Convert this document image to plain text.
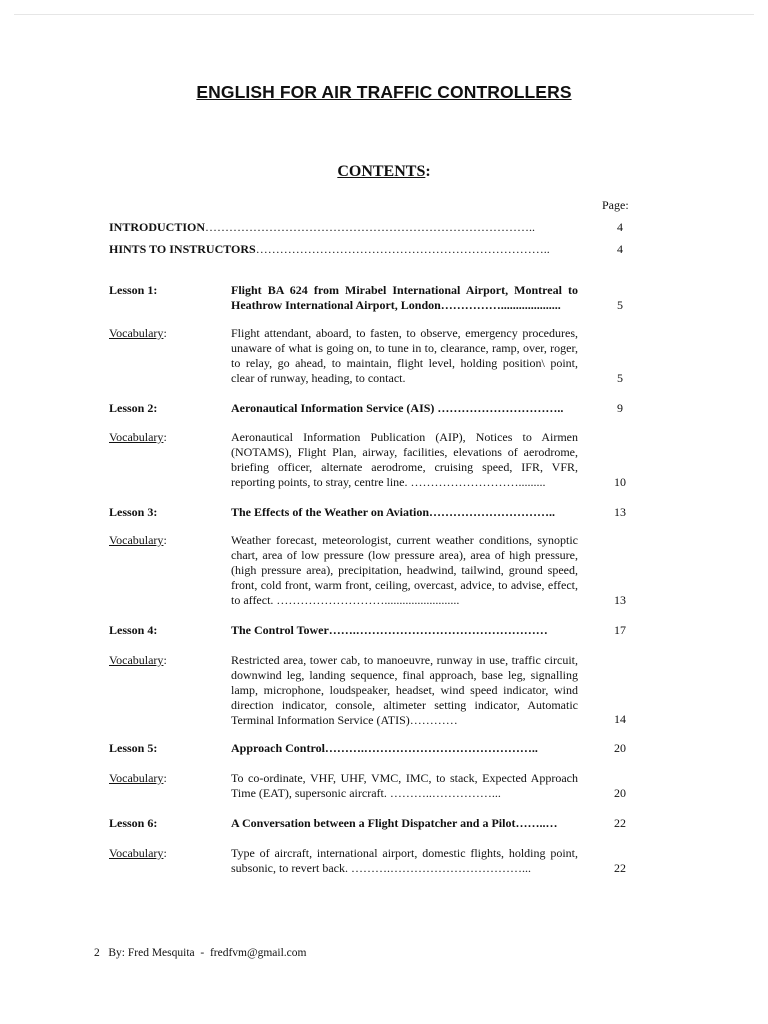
ENGLISH FOR AIR TRAFFIC CONTROLLERS
CONTENTS:
Page:
INTRODUCTION………………………………………………………………………..	4
HINTS TO INSTRUCTORS………………………………………………………………..	4
Lesson 1:	Flight BA 624 from Mirabel International Airport, Montreal to Heathrow International Airport, London……………....................	5
Vocabulary:	Flight attendant, aboard, to fasten, to observe, emergency procedures, unaware of what is going on, to tune in to, clearance, ramp, over, roger, to relay, go ahead, to maintain, flight level, holding position\ point, clear of runway, heading, to contact.	5
Lesson 2:	Aeronautical Information Service (AIS) …………………………..	9
Vocabulary:	Aeronautical Information Publication (AIP), Notices to Airmen (NOTAMS), Flight Plan, airway, facilities, elevations of aerodrome, briefing officer, alternate aerodrome, cruising speed, IFR, VFR, reporting points, to stray, centre line. ……………………….........	10
Lesson 3:	The Effects of the Weather on Aviation…………………………..	13
Vocabulary:	Weather forecast, meteorologist, current weather conditions, synoptic chart, area of low pressure (low pressure area), area of high pressure, (high pressure area), precipitation, headwind, tailwind, ground speed, front, cold front, warm front, ceiling, overcast, advice, to advise, effect, to affect. ……………………….........................	13
Lesson 4:	The Control Tower…….…………………………………………	17
Vocabulary:	Restricted area, tower cab, to manoeuvre, runway in use, traffic circuit, downwind leg, landing sequence, final approach, base leg, signalling lamp, microphone, loudspeaker, headset, wind speed indicator, wind direction indicator, console, altimeter setting indicator, Automatic Terminal Information Service (ATIS)…………	14
Lesson 5:	Approach Control……….……………………………………..	20
Vocabulary:	To co-ordinate, VHF, UHF, VMC, IMC, to stack, Expected Approach Time (EAT), supersonic aircraft. ………..……………...	20
Lesson 6:	A Conversation between a Flight Dispatcher and a Pilot……..…	22
Vocabulary:	Type of aircraft, international airport, domestic flights, holding point, subsonic, to revert back. ……….……………………………...	22
2 By: Fred Mesquita  -  fredfvm@gmail.com
